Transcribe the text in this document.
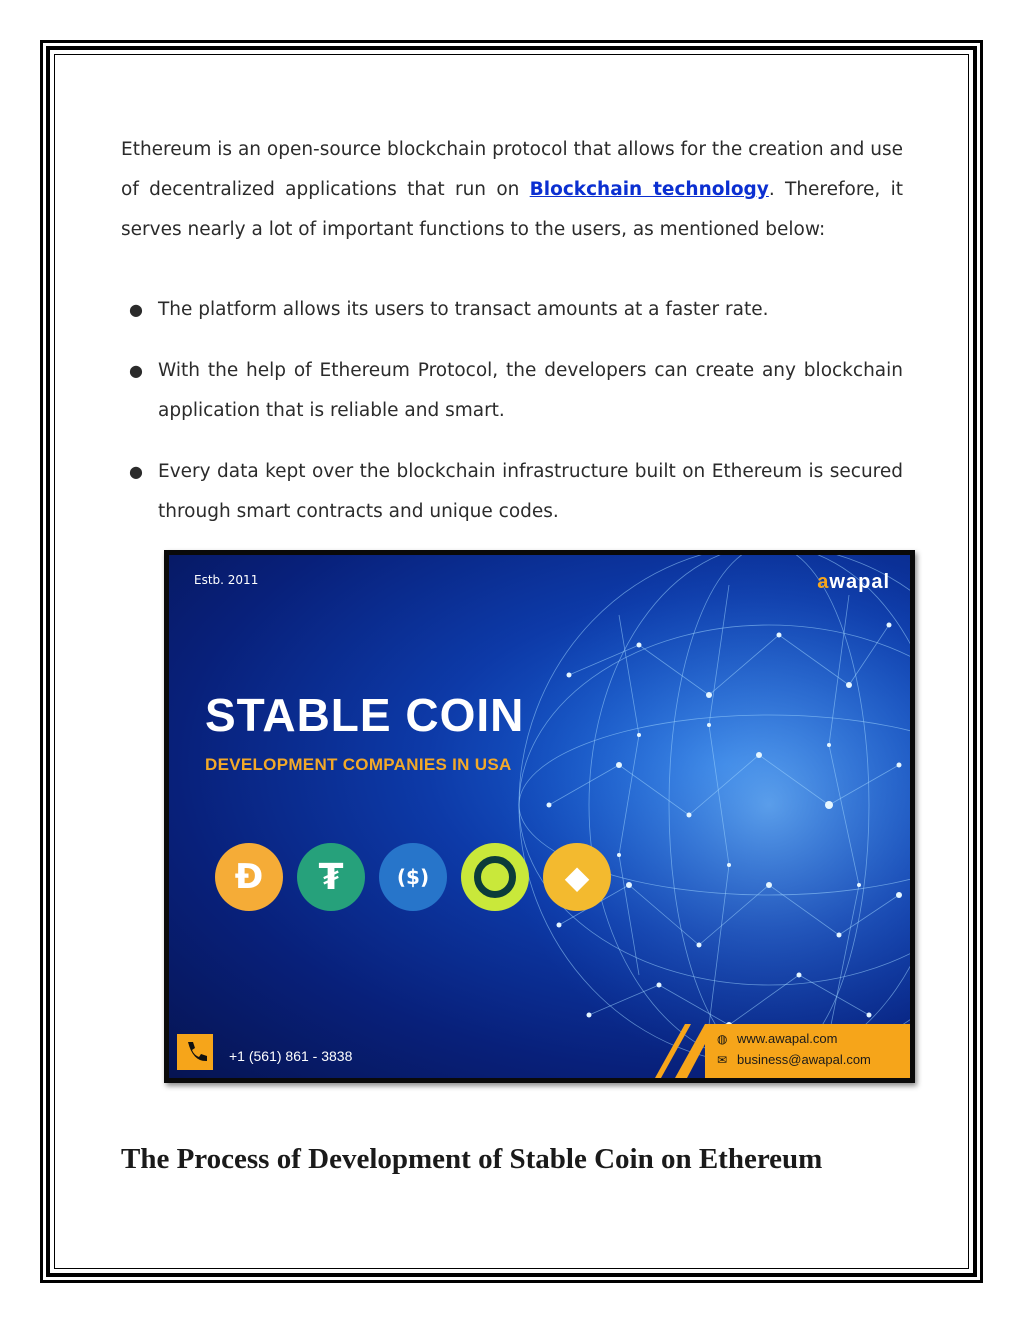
Ethereum is an open-source blockchain protocol that allows for the creation and use of decentralized applications that run on Blockchain technology. Therefore, it serves nearly a lot of important functions to the users, as mentioned below:

● The platform allows its users to transact amounts at a faster rate.
● With the help of Ethereum Protocol, the developers can create any blockchain application that is reliable and smart.
● Every data kept over the blockchain infrastructure built on Ethereum is secured through smart contracts and unique codes.
Estb. 2011	awapal
STABLE COIN
DEVELOPMENT COMPANIES IN USA
Đ ₮	($)	◆
+1 (561) 861 - 3838
◍ www.awapal.com
✉ business@awapal.com
The Process of Development of Stable Coin on Ethereum
